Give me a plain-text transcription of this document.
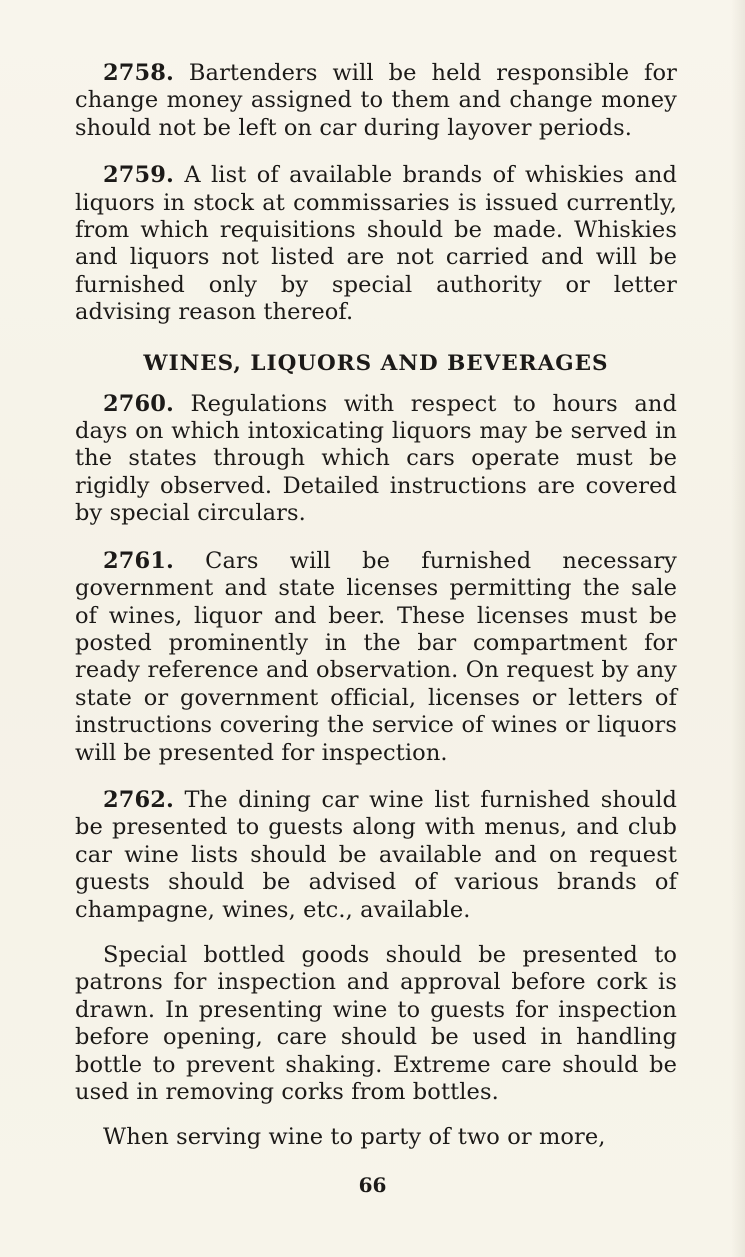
2758. Bartenders will be held responsible for change money assigned to them and change money should not be left on car during layover periods.

2759. A list of available brands of whiskies and liquors in stock at commissaries is issued currently, from which requisitions should be made. Whiskies and liquors not listed are not carried and will be furnished only by special authority or letter advising reason thereof.

WINES, LIQUORS AND BEVERAGES

2760. Regulations with respect to hours and days on which intoxicating liquors may be served in the states through which cars operate must be rigidly observed. Detailed instructions are covered by special circulars.

2761. Cars will be furnished necessary government and state licenses permitting the sale of wines, liquor and beer. These licenses must be posted prominently in the bar compartment for ready reference and observation. On request by any state or government official, licenses or letters of instructions covering the service of wines or liquors will be presented for inspection.

2762. The dining car wine list furnished should be presented to guests along with menus, and club car wine lists should be available and on request guests should be advised of various brands of champagne, wines, etc., available.

Special bottled goods should be presented to patrons for inspection and approval before cork is drawn. In presenting wine to guests for inspection before opening, care should be used in handling bottle to prevent shaking. Extreme care should be used in removing corks from bottles.

When serving wine to party of two or more,

66
